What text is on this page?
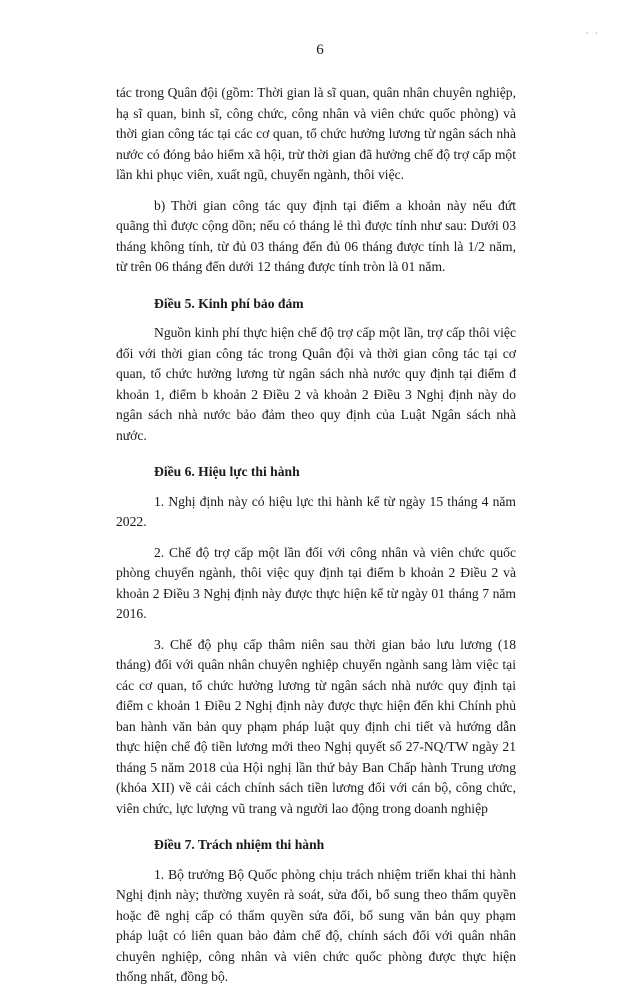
· ·
6

tác trong Quân đội (gồm: Thời gian là sĩ quan, quân nhân chuyên nghiệp, hạ sĩ quan, binh sĩ, công chức, công nhân và viên chức quốc phòng) và thời gian công tác tại các cơ quan, tổ chức hưởng lương từ ngân sách nhà nước có đóng bảo hiểm xã hội, trừ thời gian đã hưởng chế độ trợ cấp một lần khi phục viên, xuất ngũ, chuyển ngành, thôi việc.

b) Thời gian công tác quy định tại điểm a khoản này nếu đứt quãng thì được cộng dồn; nếu có tháng lẻ thì được tính như sau: Dưới 03 tháng không tính, từ đủ 03 tháng đến đủ 06 tháng được tính là 1/2 năm, từ trên 06 tháng đến dưới 12 tháng được tính tròn là 01 năm.

Điều 5. Kinh phí bảo đảm

Nguồn kinh phí thực hiện chế độ trợ cấp một lần, trợ cấp thôi việc đối với thời gian công tác trong Quân đội và thời gian công tác tại cơ quan, tổ chức hưởng lương từ ngân sách nhà nước quy định tại điểm đ khoản 1, điểm b khoản 2 Điều 2 và khoản 2 Điều 3 Nghị định này do ngân sách nhà nước bảo đảm theo quy định của Luật Ngân sách nhà nước.

Điều 6. Hiệu lực thi hành

1. Nghị định này có hiệu lực thi hành kể từ ngày 15 tháng 4 năm 2022.

2. Chế độ trợ cấp một lần đối với công nhân và viên chức quốc phòng chuyển ngành, thôi việc quy định tại điểm b khoản 2 Điều 2 và khoản 2 Điều 3 Nghị định này được thực hiện kể từ ngày 01 tháng 7 năm 2016.

3. Chế độ phụ cấp thâm niên sau thời gian bảo lưu lương (18 tháng) đối với quân nhân chuyên nghiệp chuyển ngành sang làm việc tại các cơ quan, tổ chức hưởng lương từ ngân sách nhà nước quy định tại điểm c khoản 1 Điều 2 Nghị định này được thực hiện đến khi Chính phủ ban hành văn bản quy phạm pháp luật quy định chi tiết và hướng dẫn thực hiện chế độ tiền lương mới theo Nghị quyết số 27-NQ/TW ngày 21 tháng 5 năm 2018 của Hội nghị lần thứ bảy Ban Chấp hành Trung ương (khóa XII) về cải cách chính sách tiền lương đối với cán bộ, công chức, viên chức, lực lượng vũ trang và người lao động trong doanh nghiệp

Điều 7. Trách nhiệm thi hành

1. Bộ trưởng Bộ Quốc phòng chịu trách nhiệm triển khai thi hành Nghị định này; thường xuyên rà soát, sửa đổi, bổ sung theo thẩm quyền hoặc đề nghị cấp có thẩm quyền sửa đổi, bổ sung văn bản quy phạm pháp luật có liên quan bảo đảm chế độ, chính sách đối với quân nhân chuyên nghiệp, công nhân và viên chức quốc phòng được thực hiện thống nhất, đồng bộ.
